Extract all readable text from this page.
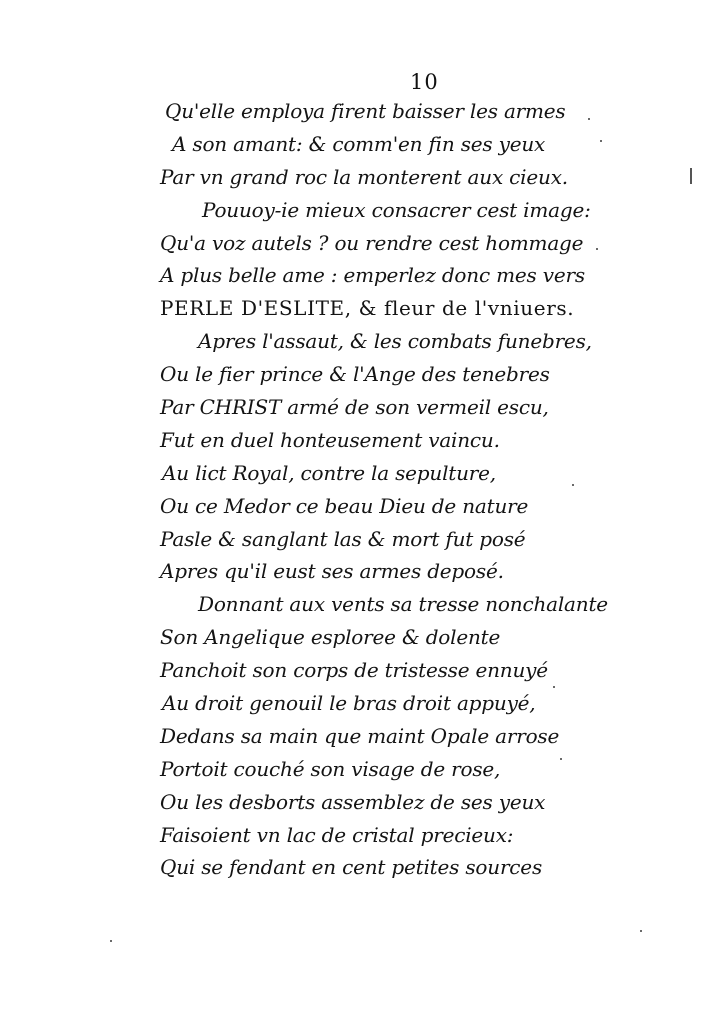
10
Qu'elle employa firent baisser les armes
A son amant: & comm'en fin ses yeux
Par vn grand roc la monterent aux cieux.
Pouuoy-ie mieux consacrer cest image:
Qu'a voz autels ? ou rendre cest hommage
A plus belle ame : emperlez donc mes vers
PERLE D'ESLITE, & fleur de l'vniuers.
Apres l'assaut, & les combats funebres,
Ou le fier prince & l'Ange des tenebres
Par CHRIST armé de son vermeil escu,
Fut en duel honteusement vaincu.
Au lict Royal, contre la sepulture,
Ou ce Medor ce beau Dieu de nature
Pasle & sanglant las & mort fut posé
Apres qu'il eust ses armes deposé.
Donnant aux vents sa tresse nonchalante
Son Angelique esploree & dolente
Panchoit son corps de tristesse ennuyé
Au droit genouil le bras droit appuyé,
Dedans sa main que maint Opale arrose
Portoit couché son visage de rose,
Ou les desborts assemblez de ses yeux
Faisoient vn lac de cristal precieux:
Qui se fendant en cent petites sources
